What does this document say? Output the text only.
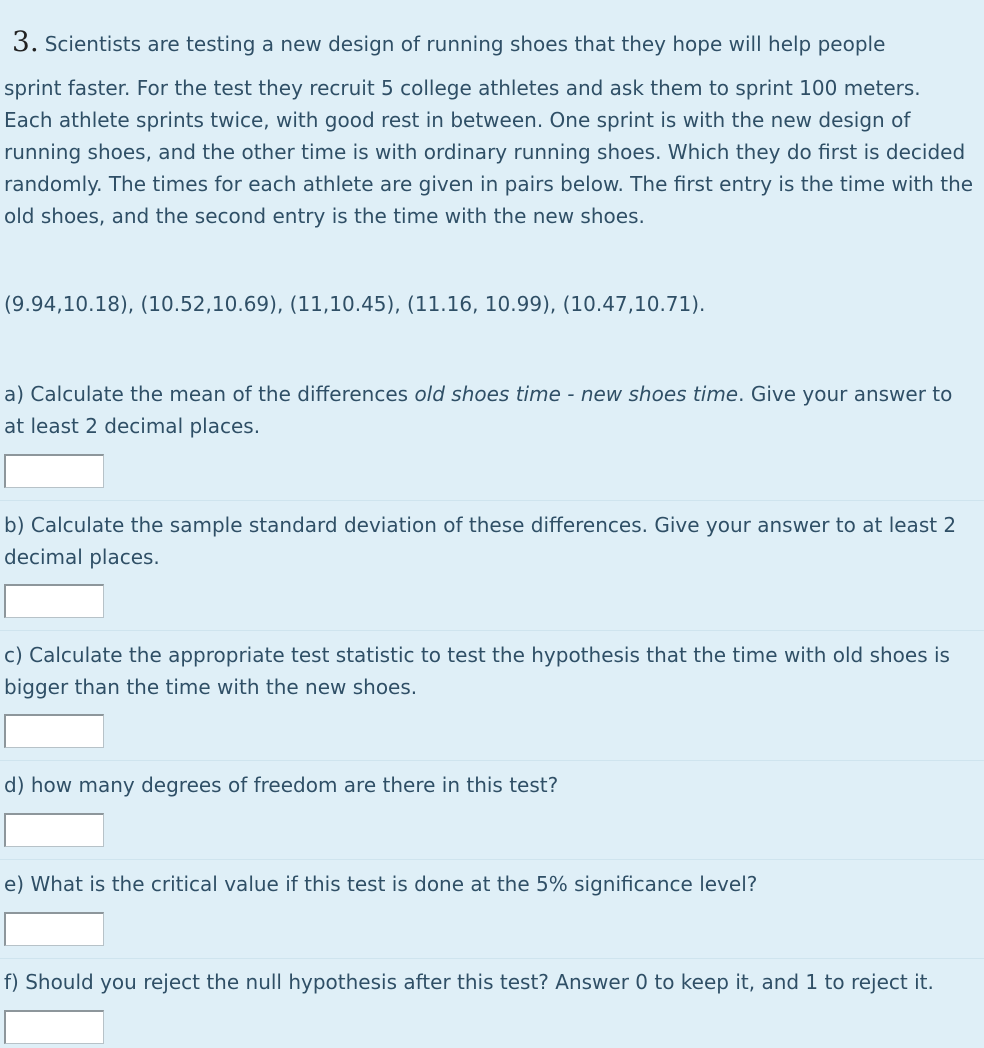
3. Scientists are testing a new design of running shoes that they hope will help people
sprint faster. For the test they recruit 5 college athletes and ask them to sprint 100 meters. Each athlete sprints twice, with good rest in between. One sprint is with the new design of running shoes, and the other time is with ordinary running shoes. Which they do first is decided randomly. The times for each athlete are given in pairs below. The first entry is the time with the old shoes, and the second entry is the time with the new shoes.
(9.94,10.18), (10.52,10.69), (11,10.45), (11.16, 10.99), (10.47,10.71).
a) Calculate the mean of the differences old shoes time - new shoes time. Give your answer to at least 2 decimal places.
b) Calculate the sample standard deviation of these differences. Give your answer to at least 2 decimal places.
c) Calculate the appropriate test statistic to test the hypothesis that the time with old shoes is bigger than the time with the new shoes.
d) how many degrees of freedom are there in this test?
e) What is the critical value if this test is done at the 5% significance level?
f) Should you reject the null hypothesis after this test? Answer 0 to keep it, and 1 to reject it.
